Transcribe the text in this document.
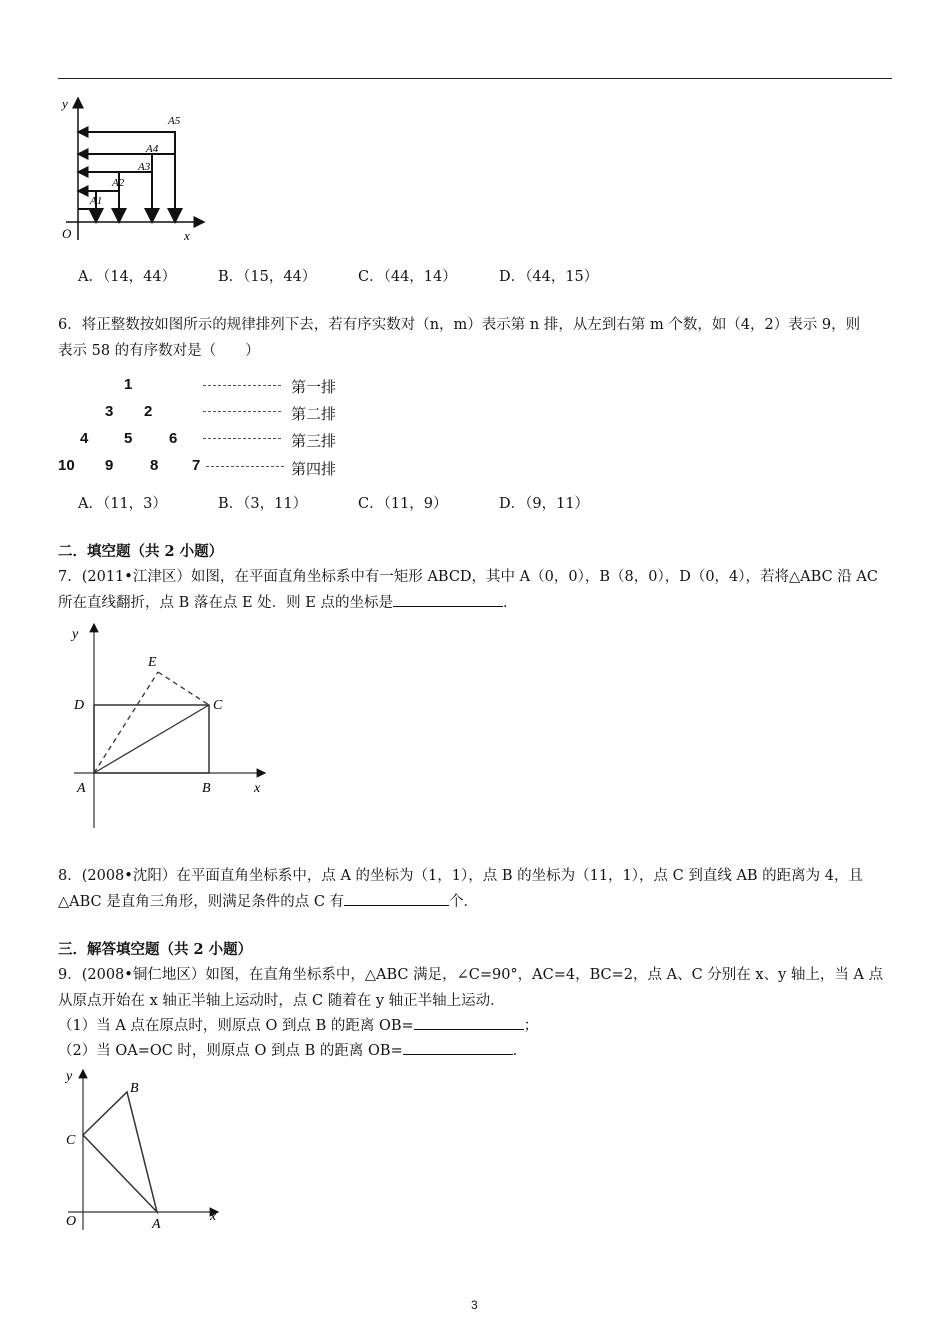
y
x
O
A1
A2
A3
A4
A5
A．（14，44）	B．（15，44）	C．（44，14）	D．（44，15）
6．将正整数按如图所示的规律排列下去，若有序实数对（n，m）表示第 n 排，从左到右第 m 个数，如（4，2）表示 9，则
表示 58 的有序数对是（　　）
1
3 2
4 5 6
10 9 8 7
第一排
第二排
第三排
第四排
A．（11，3）	B．（3，11）	C．（11，9）	D．（9，11）
二．填空题（共 2 小题）
7．(2011•江津区）如图，在平面直角坐标系中有一矩形 ABCD，其中 A（0，0），B（8，0），D（0，4），若将△ABC 沿 AC
所在直线翻折，点 B 落在点 E 处．则 E 点的坐标是	．
y
x
A	B
C
D
E
8．(2008•沈阳）在平面直角坐标系中，点 A 的坐标为（1，1），点 B 的坐标为（11，1），点 C 到直线 AB 的距离为 4，且
△ABC 是直角三角形，则满足条件的点 C 有	个．
三．解答填空题（共 2 小题）
9．(2008•铜仁地区）如图，在直角坐标系中，△ABC 满足，∠C=90°，AC=4，BC=2，点 A、C 分别在 x、y 轴上，当 A 点
从原点开始在 x 轴正半轴上运动时，点 C 随着在 y 轴正半轴上运动．
（1）当 A 点在原点时，则原点 O 到点 B 的距离 OB=	；
（2）当 OA=OC 时，则原点 O 到点 B 的距离 OB=	．
y
x
O	A
B
C
3
